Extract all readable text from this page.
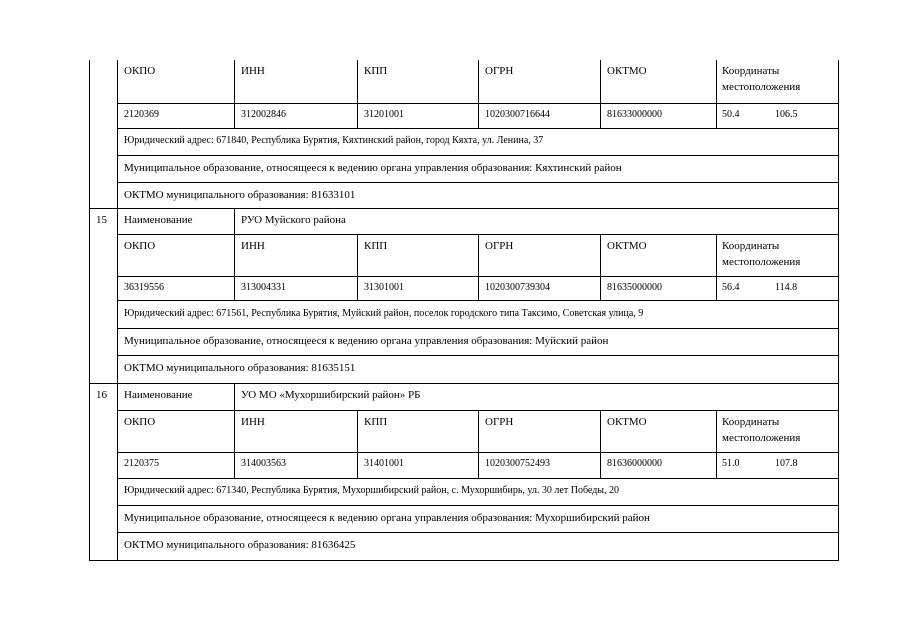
ОКПО	ИНН	КПП	ОГРН	ОКТМО	Координаты
местоположения
2120369	312002846	31201001	1020300716644	81633000000	50.4	106.5
Юридический адрес: 671840, Республика Бурятия, Кяхтинский район, город Кяхта, ул. Ленина, 37
Муниципальное образование, относящееся к ведению органа управления образования: Кяхтинский район
ОКТМО муниципального образования: 81633101
15 Наименование	РУО Муйского района
ОКПО	ИНН	КПП	ОГРН	ОКТМО	Координаты
местоположения
36319556	313004331	31301001	1020300739304	81635000000	56.4	114.8
Юридический адрес: 671561, Республика Бурятия, Муйский район, поселок городского типа Таксимо, Советская улица, 9
Муниципальное образование, относящееся к ведению органа управления образования: Муйский район
ОКТМО муниципального образования: 81635151
16 Наименование	УО МО «Мухоршибирский район» РБ
ОКПО	ИНН	КПП	ОГРН	ОКТМО	Координаты
местоположения
2120375	314003563	31401001	1020300752493	81636000000	51.0	107.8
Юридический адрес: 671340, Республика Бурятия, Мухоршибирский район, с. Мухоршибирь, ул. 30 лет Победы, 20
Муниципальное образование, относящееся к ведению органа управления образования: Мухоршибирский район
ОКТМО муниципального образования: 81636425
